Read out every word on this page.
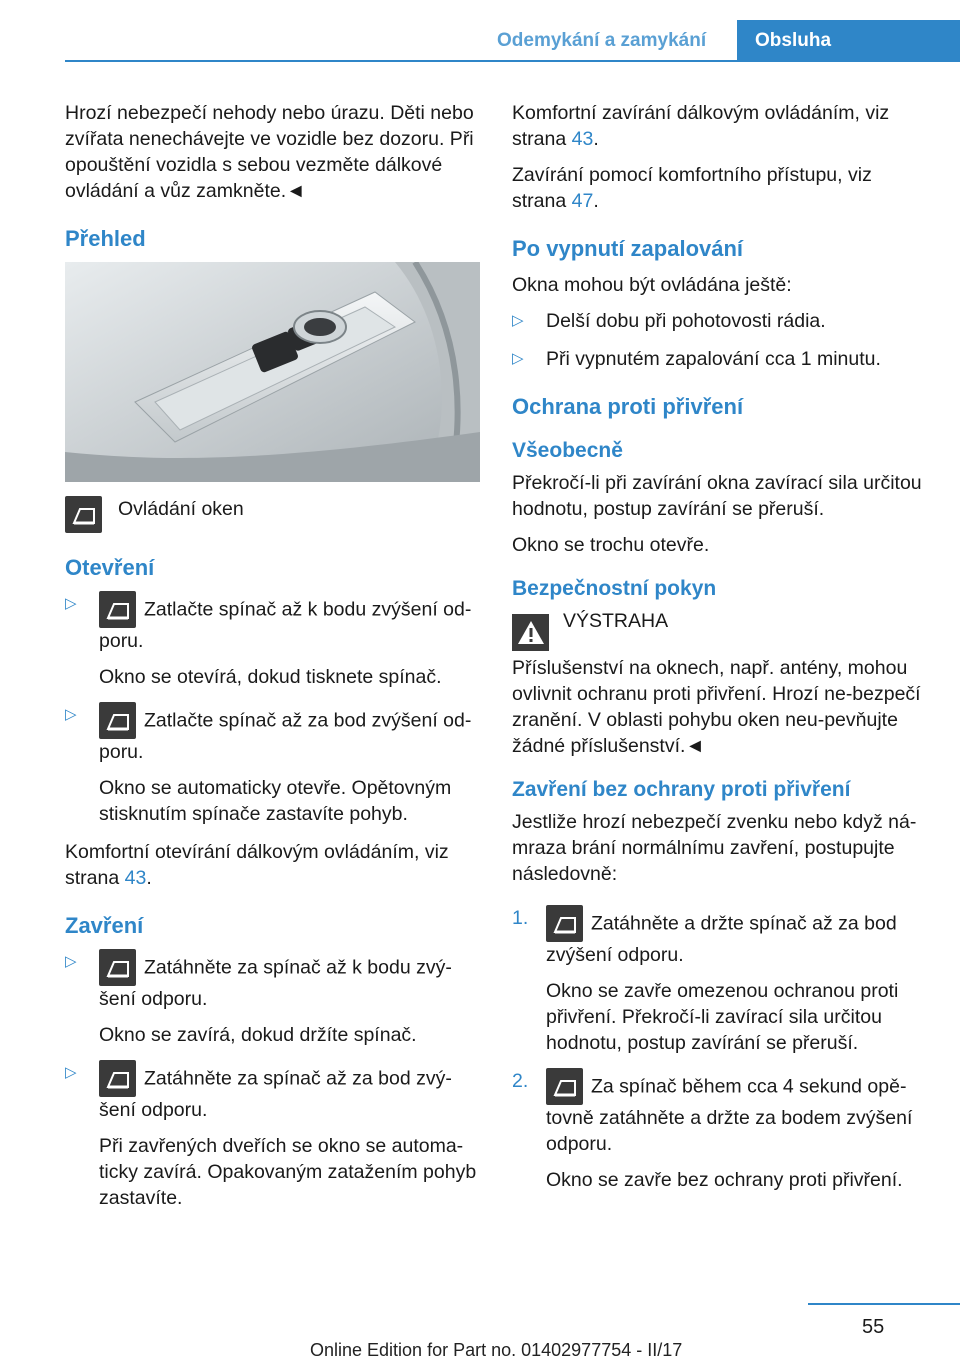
Odemykání a zamykání	Obsluha

Hrozí nebezpečí nehody nebo úrazu. Děti nebo zvířata nenechávejte ve vozidle bez dozoru. Při opouštění vozidla s sebou vezměte dálkové ovládání a vůz zamkněte.◄

Přehled
Ovládání oken
Otevření
▷	Zatlačte spínač až k bodu zvýšení od-poru.

Okno se otevírá, dokud tisknete spínač.

▷	Zatlačte spínač až za bod zvýšení od-poru.

Okno se automaticky otevře. Opětovným stisknutím spínače zastavíte pohyb.

Komfortní otevírání dálkovým ovládáním, viz strana 43.

Zavření
▷	Zatáhněte za spínač až k bodu zvý-šení odporu.

Okno se zavírá, dokud držíte spínač.

▷	Zatáhněte za spínač až za bod zvý-šení odporu.

Při zavřených dveřích se okno se automa-ticky zavírá. Opakovaným zatažením pohyb zastavíte.

Komfortní zavírání dálkovým ovládáním, viz strana 43.

Zavírání pomocí komfortního přístupu, viz strana 47.

Po vypnutí zapalování

Okna mohou být ovládána ještě:

▷ Delší dobu při pohotovosti rádia.
▷ Při vypnutém zapalování cca 1 minutu.
Ochrana proti přivření
Všeobecně

Překročí-li při zavírání okna zavírací sila určitou hodnotu, postup zavírání se přeruší.

Okno se trochu otevře.

Bezpečnostní pokyn
VÝSTRAHA

Příslušenství na oknech, např. antény, mohou ovlivnit ochranu proti přivření. Hrozí ne-bezpečí zranění. V oblasti pohybu oken neu-pevňujte žádné příslušenství.◄

Zavření bez ochrany proti přivření

Jestliže hrozí nebezpečí zvenku nebo když ná-mraza brání normálnímu zavření, postupujte následovně:

1.	Zatáhněte a držte spínač až za bod zvýšení odporu.

Okno se zavře omezenou ochranou proti přivření. Překročí-li zavírací sila určitou hodnotu, postup zavírání se přeruší.

2.	Za spínač během cca 4 sekund opě-tovně zatáhněte a držte za bodem zvýšení odporu.

Okno se zavře bez ochrany proti přivření.

55
Online Edition for Part no. 01402977754 - II/17
